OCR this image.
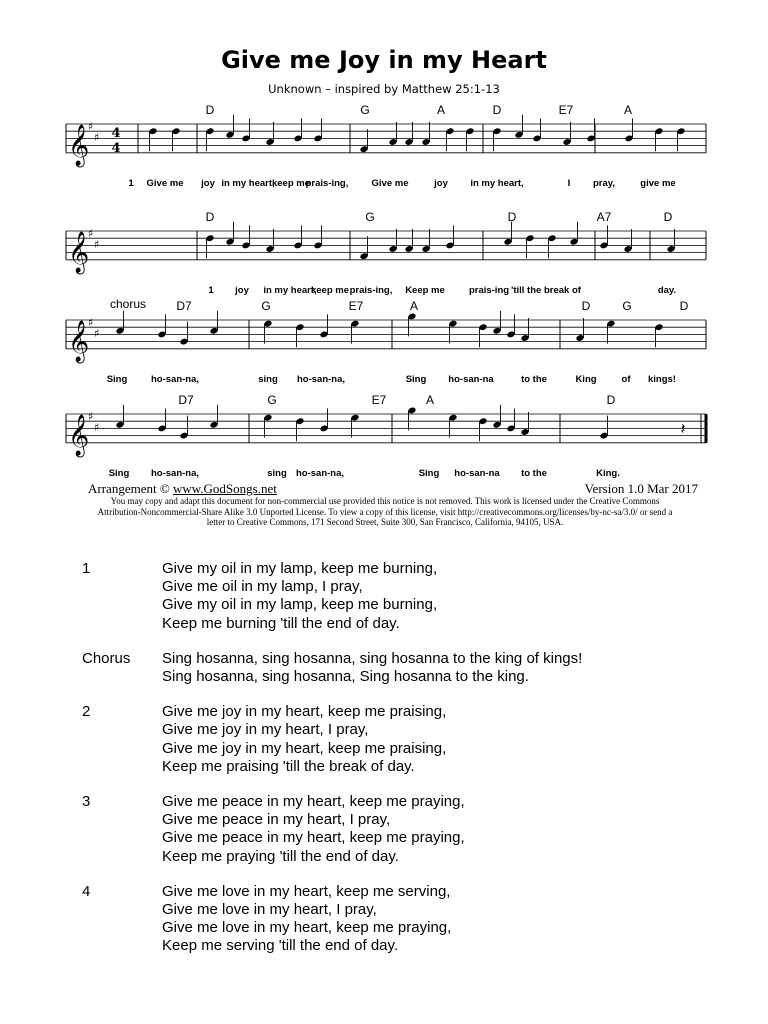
Give me Joy in my Heart
Unknown – inspired by Matthew 25:1-13
𝄞
♯
♯ 4
4
D	G	A	D	E7	A
1 Give me joy in my heart,
keep me
prais-ing, Give me	joy in my heart,	I pray,	give me
𝄞
♯
♯
D	G	D	A7	D
1 joy in my heart,
keep me prais-ing, Keep me	prais-ing 'till the break of	day.
𝄞
♯
♯
chorus	D7	G	E7	A	D	G	D
Sing ho-san-na,	sing ho-san-na,	Sing ho-san-na	to the	King	of kings!
𝄞
♯
♯	𝄽
D7	G	E7	A	D
Sing ho-san-na,	sing ho-san-na,	Sing ho-san-na to the	King.
Arrangement © www.GodSongs.net	Version 1.0 Mar 2017
You may copy and adapt this document for non-commercial use provided this notice is not removed. This work is licensed under the Creative Commons
Attribution-Noncommercial-Share Alike 3.0 Unported License. To view a copy of this license, visit http://creativecommons.org/licenses/by-nc-sa/3.0/ or send a
letter to Creative Commons, 171 Second Street, Suite 300, San Francisco, California, 94105, USA.
1	Give my oil in my lamp, keep me burning,
Give me oil in my lamp, I pray,
Give my oil in my lamp, keep me burning,
Keep me burning 'till the end of day.
Chorus	Sing hosanna, sing hosanna, sing hosanna to the king of kings!
Sing hosanna, sing hosanna, Sing hosanna to the king.
2	Give me joy in my heart, keep me praising,
Give me joy in my heart, I pray,
Give me joy in my heart, keep me praising,
Keep me praising 'till the break of day.
3	Give me peace in my heart, keep me praying,
Give me peace in my heart, I pray,
Give me peace in my heart, keep me praying,
Keep me praying 'till the end of day.
4	Give me love in my heart, keep me serving,
Give me love in my heart, I pray,
Give me love in my heart, keep me praying,
Keep me serving 'till the end of day.
